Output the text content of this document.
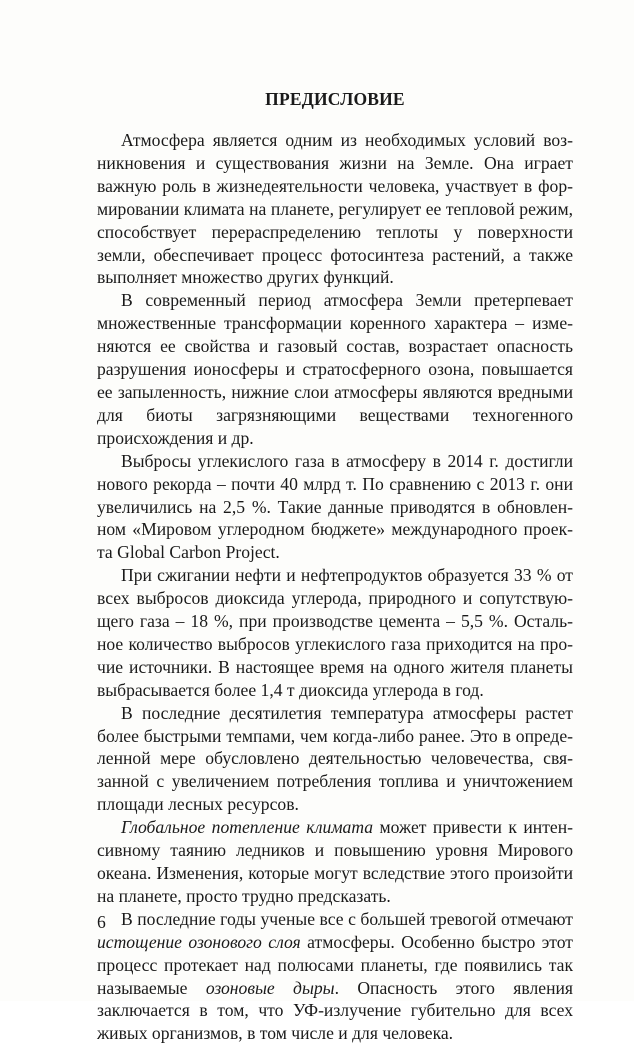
ПРЕДИСЛОВИЕ

Атмосфера является одним из необходимых условий возникновения и существования жизни на Земле. Она играет важную роль в жизнедеятельности человека, участвует в формировании климата на планете, регулирует ее тепловой режим, способствует перераспределению теплоты у поверхности земли, обеспечивает процесс фотосинтеза растений, а также выполняет множество других функций.

В современный период атмосфера Земли претерпевает множественные трансформации коренного характера – изменяются ее свойства и газовый состав, возрастает опасность разрушения ионосферы и стратосферного озона, повышается ее запыленность, нижние слои атмосферы являются вредными для биоты загрязняющими веществами техногенного происхождения и др.

Выбросы углекислого газа в атмосферу в 2014 г. достигли нового рекорда – почти 40 млрд т. По сравнению с 2013 г. они увеличились на 2,5 %. Такие данные приводятся в обновленном «Мировом углеродном бюджете» международного проекта Global Carbon Project.

При сжигании нефти и нефтепродуктов образуется 33 % от всех выбросов диоксида углерода, природного и сопутствующего газа – 18 %, при производстве цемента – 5,5 %. Остальное количество выбросов углекислого газа приходится на прочие источники. В настоящее время на одного жителя планеты выбрасывается более 1,4 т диоксида углерода в год.

В последние десятилетия температура атмосферы растет более быстрыми темпами, чем когда-либо ранее. Это в определенной мере обусловлено деятельностью человечества, связанной с увеличением потребления топлива и уничтожением площади лесных ресурсов.

Глобальное потепление климата может привести к интенсивному таянию ледников и повышению уровня Мирового океана. Изменения, которые могут вследствие этого произойти на планете, просто трудно предсказать.

В последние годы ученые все с большей тревогой отмечают истощение озонового слоя атмосферы. Особенно быстро этот процесс протекает над полюсами планеты, где появились так называемые озоновые дыры. Опасность этого явления заключается в том, что УФ-излучение губительно для всех живых организмов, в том числе и для человека.

6
